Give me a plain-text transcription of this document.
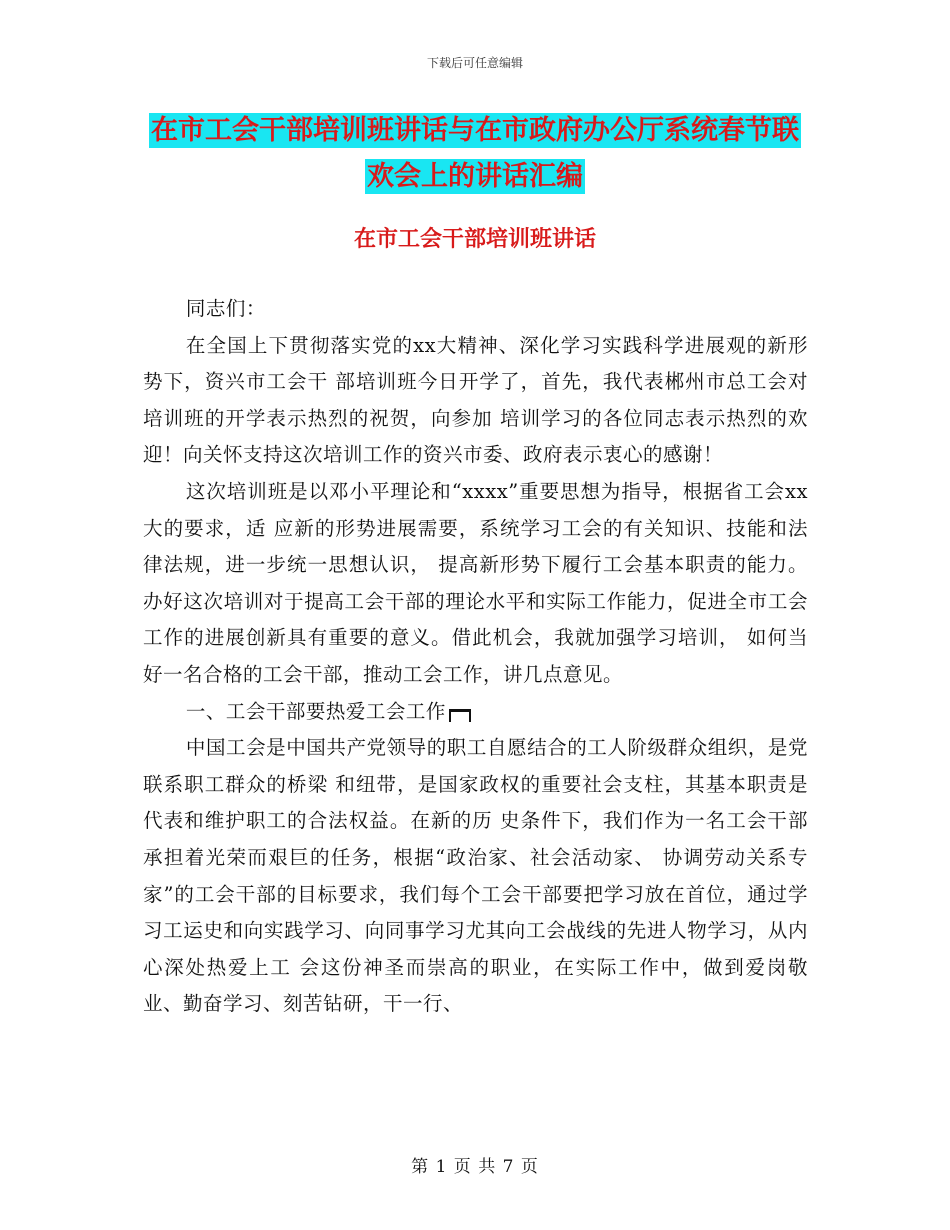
下载后可任意编辑
在市工会干部培训班讲话与在市政府办公厅系统春节联欢会上的讲话汇编
在市工会干部培训班讲话

同志们：

在全国上下贯彻落实党的xx大精神、深化学习实践科学进展观的新形势下，资兴市工会干 部培训班今日开学了，首先，我代表郴州市总工会对培训班的开学表示热烈的祝贺，向参加 培训学习的各位同志表示热烈的欢迎！向关怀支持这次培训工作的资兴市委、政府表示衷心的感谢！

这次培训班是以邓小平理论和“xxxx”重要思想为指导，根据省工会xx大的要求，适 应新的形势进展需要，系统学习工会的有关知识、技能和法律法规，进一步统一思想认识， 提高新形势下履行工会基本职责的能力。办好这次培训对于提高工会干部的理论水平和实际工作能力，促进全市工会工作的进展创新具有重要的意义。借此机会，我就加强学习培训， 如何当好一名合格的工会干部，推动工会工作，讲几点意见。

一、工会干部要热爱工会工作

中国工会是中国共产党领导的职工自愿结合的工人阶级群众组织，是党联系职工群众的桥梁 和纽带，是国家政权的重要社会支柱，其基本职责是代表和维护职工的合法权益。在新的历 史条件下，我们作为一名工会干部承担着光荣而艰巨的任务，根据“政治家、社会活动家、 协调劳动关系专家”的工会干部的目标要求，我们每个工会干部要把学习放在首位，通过学 习工运史和向实践学习、向同事学习尤其向工会战线的先进人物学习，从内心深处热爱上工 会这份神圣而崇高的职业，在实际工作中，做到爱岗敬业、勤奋学习、刻苦钻研，干一行、

第 1 页 共 7 页
